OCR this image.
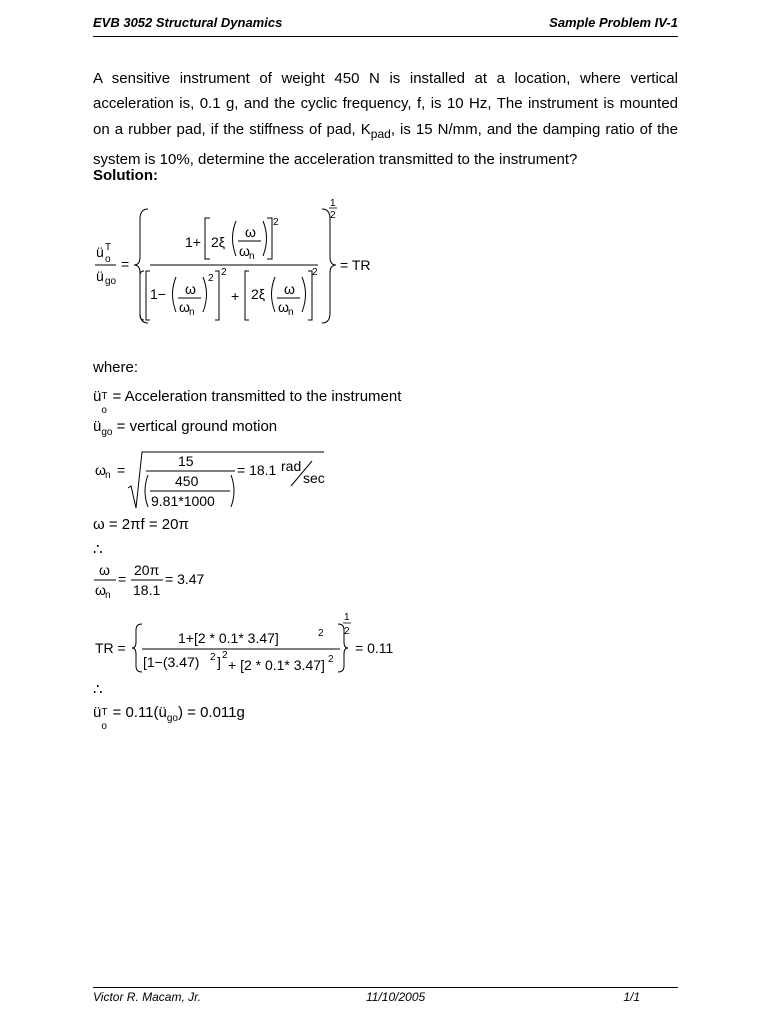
EVB 3052 Structural Dynamics	Sample Problem IV-1
A sensitive instrument of weight 450 N is installed at a location, where vertical acceleration is, 0.1 g, and the cyclic frequency, f, is 10 Hz, The instrument is mounted on a rubber pad, if the stiffness of pad, $K_{pad}$, is 15 N/mm, and the damping ratio of the system is 10%, determine the acceleration transmitted to the instrument?
Solution:
ü T
o
ü go
=
1+ 2ξ
ω
ω n
2
1− ω
ω n
2
2
+ 2ξ ω
ω n
2
1
2
= TR
where:
ü T
o
= Acceleration transmitted to the instrument
$ü_{go}$ = vertical ground motion
ω n =
15
450
9.81*1000
= 18.1 rad
sec
ω = 2πf = 20π
∴
ω
ω n
=
20π
18.1
= 3.47
TR =
1+[2 * 0.1* 3.47]	2
[1−(3.47) 2 ] 2
+ [2 * 0.1* 3.47] 2
1
2
= 0.11
∴
ü T
o
= $0.11(ü_{go}) = 0.011g$
Victor R. Macam, Jr.	11/10/2005	1/1
